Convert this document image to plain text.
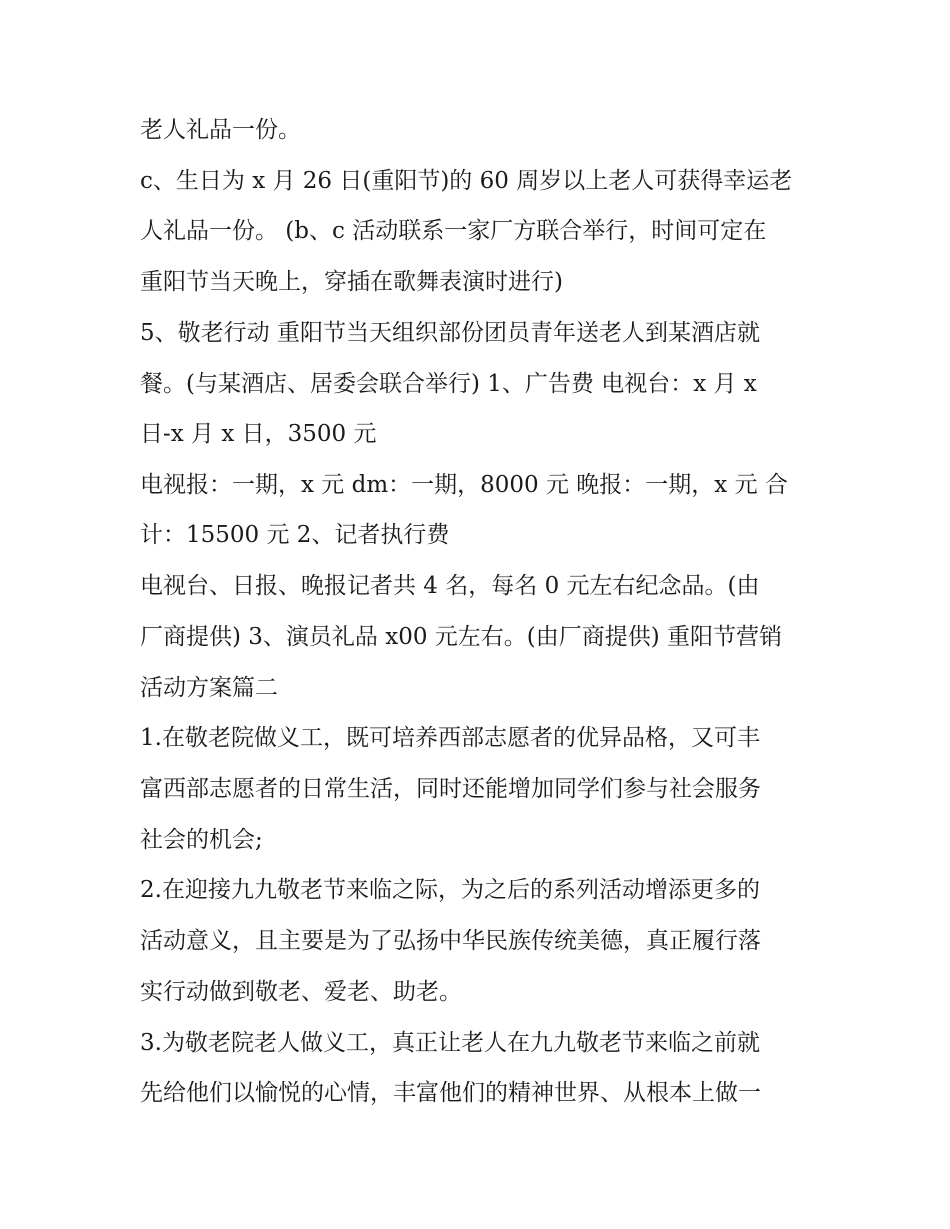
老人礼品一份。

c、生日为 x 月 26 日(重阳节)的 60 周岁以上老人可获得幸运老

人礼品一份。 (b、c 活动联系一家厂方联合举行，时间可定在

重阳节当天晚上，穿插在歌舞表演时进行)

5、敬老行动 重阳节当天组织部份团员青年送老人到某酒店就

餐。(与某酒店、居委会联合举行) 1、广告费 电视台：x 月 x

日-x 月 x 日，3500 元

电视报：一期，x 元 dm：一期，8000 元 晚报：一期，x 元 合

计：15500 元 2、记者执行费

电视台、日报、晚报记者共 4 名，每名 0 元左右纪念品。(由

厂商提供) 3、演员礼品 x00 元左右。(由厂商提供) 重阳节营销

活动方案篇二

1.在敬老院做义工，既可培养西部志愿者的优异品格，又可丰

富西部志愿者的日常生活，同时还能增加同学们参与社会服务

社会的机会;

2.在迎接九九敬老节来临之际，为之后的系列活动增添更多的

活动意义，且主要是为了弘扬中华民族传统美德，真正履行落

实行动做到敬老、爱老、助老。

3.为敬老院老人做义工，真正让老人在九九敬老节来临之前就

先给他们以愉悦的心情，丰富他们的精神世界、从根本上做一
